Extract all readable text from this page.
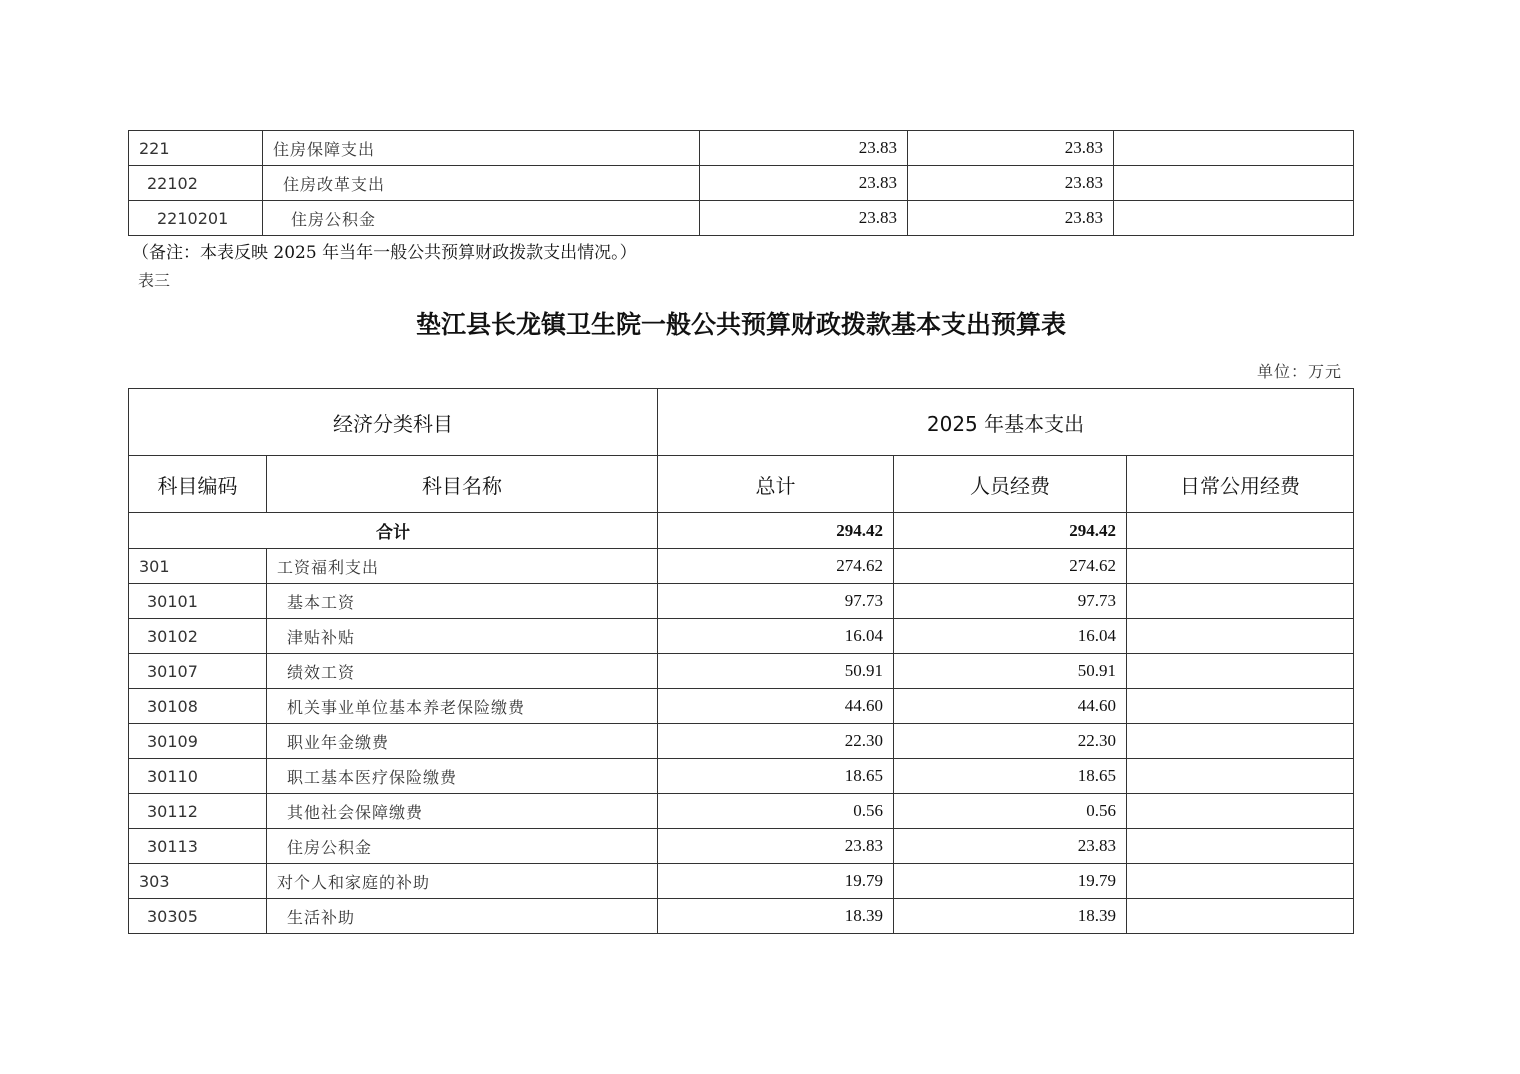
221	住房保障支出	23.83	23.83	
22102	住房改革支出	23.83	23.83	
2210201	住房公积金	23.83	23.83	
（备注：本表反映 2025 年当年一般公共预算财政拨款支出情况。）
表三
垫江县长龙镇卫生院一般公共预算财政拨款基本支出预算表
单位：万元
经济分类科目		2025 年基本支出		
科目编码	科目名称	总计	人员经费	日常公用经费
合计		294.42	294.42	
301	工资福利支出	274.62	274.62	
30101	基本工资	97.73	97.73	
30102	津贴补贴	16.04	16.04	
30107	绩效工资	50.91	50.91	
30108	机关事业单位基本养老保险缴费	44.60	44.60	
30109	职业年金缴费	22.30	22.30	
30110	职工基本医疗保险缴费	18.65	18.65	
30112	其他社会保障缴费	0.56	0.56	
30113	住房公积金	23.83	23.83	
303	对个人和家庭的补助	19.79	19.79	
30305	生活补助	18.39	18.39	
